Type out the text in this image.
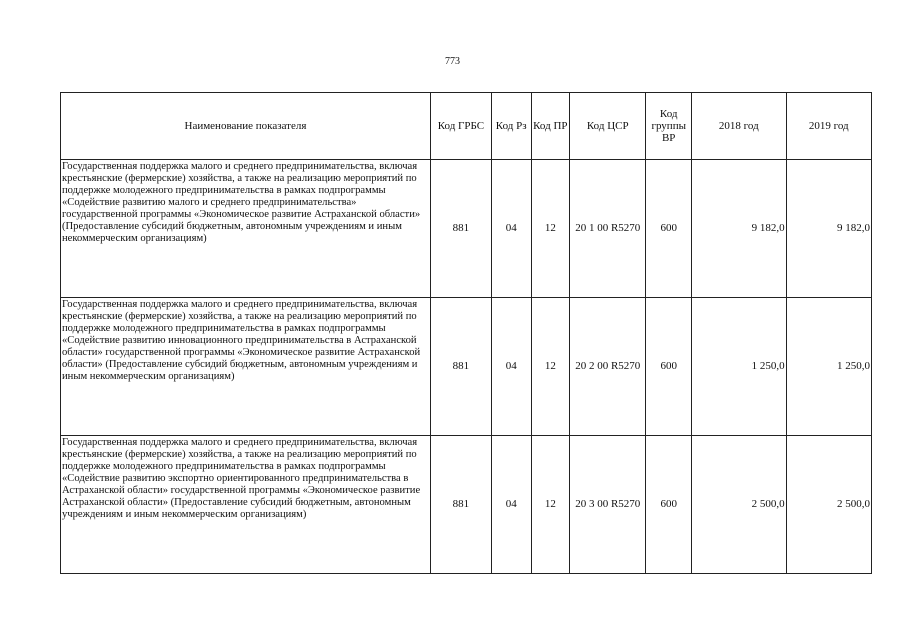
773
Наименование показателя	Код ГРБС	Код Рз	Код ПР	Код ЦСР	Код группы ВР	2018 год	2019 год
Государственная поддержка малого и среднего предпринимательства, включая крестьянские (фермерские) хозяйства, а также на реализацию мероприятий по поддержке молодежного предпринимательства в рамках подпрограммы «Содействие развитию малого и среднего предпринимательства» государственной программы «Экономическое развитие Астраханской области» (Предоставление субсидий бюджетным, автономным учреждениям и иным некоммерческим организациям)	881	04	12	20 1 00 R5270	600	9 182,0	9 182,0
Государственная поддержка малого и среднего предпринимательства, включая крестьянские (фермерские) хозяйства, а также на реализацию мероприятий по поддержке молодежного предпринимательства в рамках подпрограммы «Содействие развитию инновационного предпринимательства в Астраханской области» государственной программы «Экономическое развитие Астраханской области» (Предоставление субсидий бюджетным, автономным учреждениям и иным некоммерческим организациям)	881	04	12	20 2 00 R5270	600	1 250,0	1 250,0
Государственная поддержка малого и среднего предпринимательства, включая крестьянские (фермерские) хозяйства, а также на реализацию мероприятий по поддержке молодежного предпринимательства в рамках подпрограммы «Содействие развитию экспортно ориентированного предпринимательства в Астраханской области» государственной программы «Экономическое развитие Астраханской области» (Предоставление субсидий бюджетным, автономным учреждениям и иным некоммерческим организациям)	881	04	12	20 3 00 R5270	600	2 500,0	2 500,0
